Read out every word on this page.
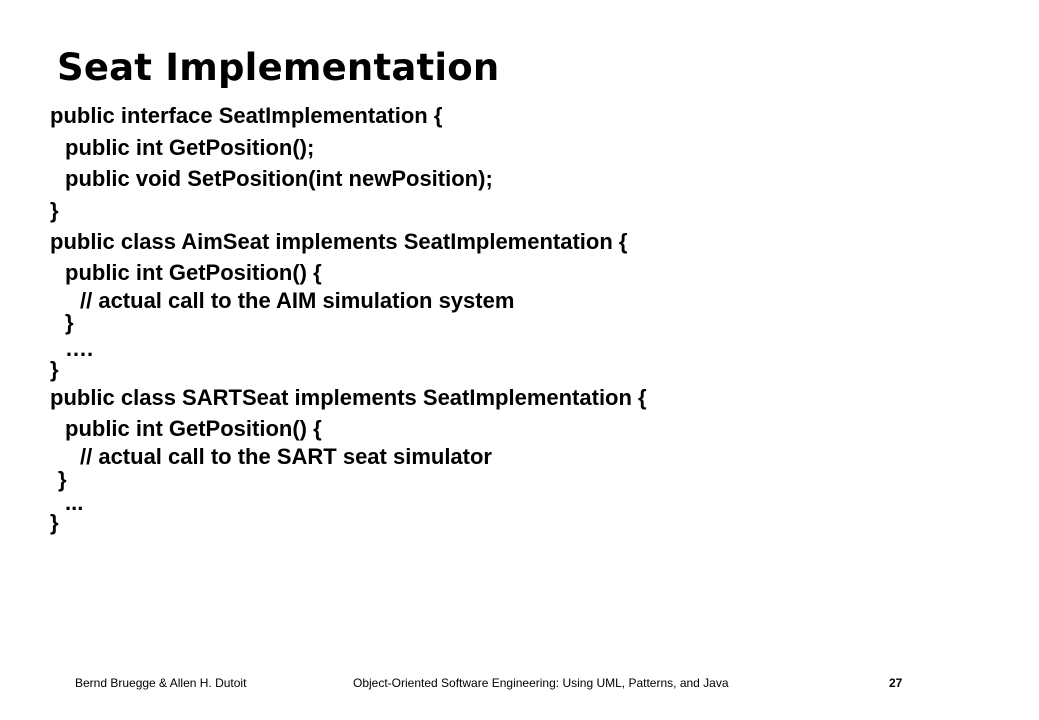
Seat Implementation
public interface SeatImplementation {
public int GetPosition();
public void SetPosition(int newPosition);
}
public class AimSeat implements SeatImplementation {
public int GetPosition() {
// actual call to the AIM simulation system
}
….
}
public class SARTSeat implements SeatImplementation {
public int GetPosition() {
// actual call to the SART seat simulator
}
...
}
Bernd Bruegge & Allen H. Dutoit	Object-Oriented Software Engineering: Using UML, Patterns, and Java	27
